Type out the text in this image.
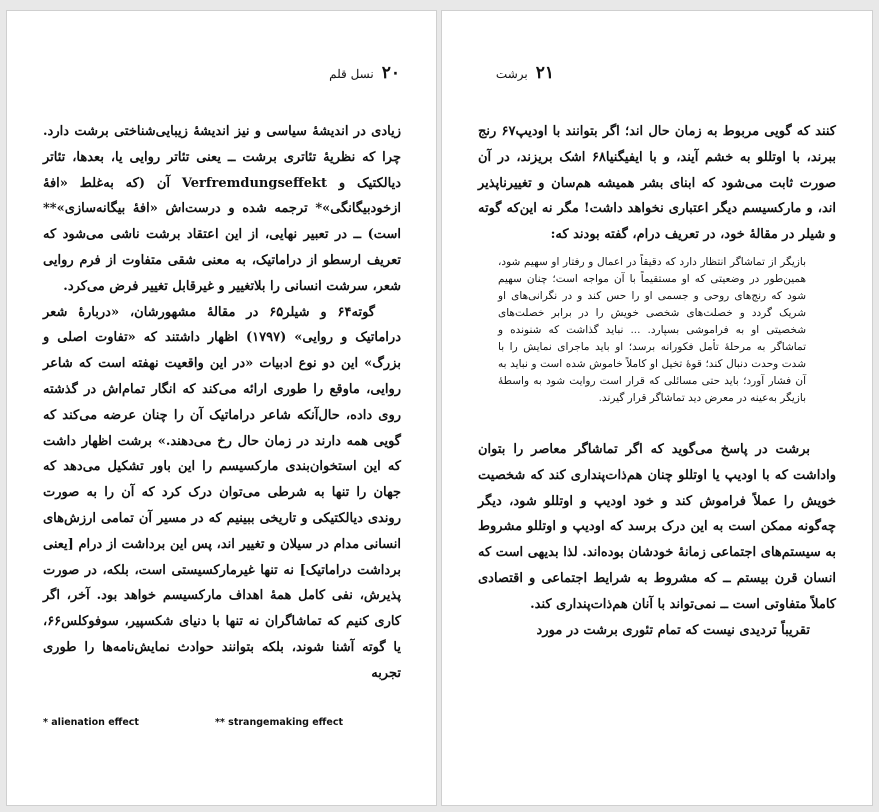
۲۰
نسل قلم

زیادی در اندیشهٔ سیاسی و نیز اندیشهٔ زیبایی‌شناختی برشت دارد. چرا که نظریهٔ تئاتری برشت ــ یعنی تئاتر روایی یا، بعدها، تئاتر دیالکتیک و Verfremdungseffekt آن (که به‌غلط «افهٔ ازخودبیگانگی»* ترجمه شده و درست‌اش «افهٔ بیگانه‌سازی»** است) ــ در تعبیر نهایی، از این اعتقاد برشت ناشی می‌شود که تعریف ارسطو از دراماتیک، به معنی شقی متفاوت از فرم روایی شعر، سرشت انسانی را بلاتغییر و غیرقابل تغییر فرض می‌کرد.

گوته۶۴ و شیلر۶۵ در مقالهٔ مشهورشان، «دربارهٔ شعر دراماتیک و روایی» (۱۷۹۷) اظهار داشتند که «تفاوت اصلی و بزرگ» این دو نوع ادبیات «در این واقعیت نهفته است که شاعر روایی، ماوقع را طوری ارائه می‌کند که انگار تمام‌اش در گذشته روی داده، حال‌آنکه شاعر دراماتیک آن را چنان عرضه می‌کند که گویی همه دارند در زمان حال رخ می‌دهند.» برشت اظهار داشت که این استخوان‌بندی مارکسیسم را این باور تشکیل می‌دهد که جهان را تنها به شرطی می‌توان درک کرد که آن را به صورت روندی دیالکتیکی و تاریخی ببینیم که در مسیر آن تمامی ارزش‌های انسانی مدام در سیلان و تغییر اند، پس این برداشت از درام [یعنی برداشت دراماتیک] نه تنها غیرمارکسیستی است، بلکه، در صورت پذیرش، نفی کامل همهٔ اهداف مارکسیسم خواهد بود. آخر، اگر کاری کنیم که تماشاگران نه تنها با دنیای شکسپیر، سوفوکلس۶۶، یا گوته آشنا شوند، بلکه بتوانند حوادث نمایش‌نامه‌ها را طوری تجربه

* alienation effect	** strangemaking effect
۲۱
برشت

کنند که گویی مربوط به زمان حال اند؛ اگر بتوانند با اودیپ۶۷ رنج ببرند، با اوتللو به خشم آیند، و با ایفیگنیا۶۸ اشک بریزند، در آن صورت ثابت می‌شود که ابنای بشر همیشه هم‌سان و تغییرناپذیر اند، و مارکسیسم دیگر اعتباری نخواهد داشت! مگر نه این‌که گوته و شیلر در مقالهٔ خود، در تعریف درام، گفته بودند که:

بازیگر از تماشاگر انتظار دارد که دقیقاً در اعمال و رفتار او سهیم شود، همین‌طور در وضعیتی که او مستقیماً با آن مواجه است؛ چنان سهیم شود که رنج‌های روحی و جسمی او را حس کند و در نگرانی‌های او شریک گردد و خصلت‌های شخصی خویش را در برابر خصلت‌های شخصیتی او به فراموشی بسپارد. ... نباید گذاشت که شنونده و تماشاگر به مرحلهٔ تأمل فکورانه برسد؛ او باید ماجرای نمایش را با شدت وحدت دنبال کند؛ قوهٔ تخیل او کاملاً خاموش شده است و نباید به آن فشار آورد؛ باید حتی مسائلی که قرار است روایت شود به واسطهٔ بازیگر به‌عینه در معرض دید تماشاگر قرار گیرند.

برشت در پاسخ می‌گوید که اگر تماشاگر معاصر را بتوان واداشت که با اودیپ یا اوتللو چنان هم‌ذات‌پنداری کند که شخصیت خویش را عملاً فراموش کند و خود اودیپ و اوتللو شود، دیگر چه‌گونه ممکن است به این درک برسد که اودیپ و اوتللو مشروط به سیستم‌های اجتماعی زمانهٔ خودشان بوده‌اند. لذا بدیهی است که انسان قرن بیستم ــ که مشروط به شرایط اجتماعی و اقتصادی کاملاً متفاوتی است ــ نمی‌تواند با آنان هم‌ذات‌پنداری کند.

تقریباً تردیدی نیست که تمام تئوری برشت در مورد
